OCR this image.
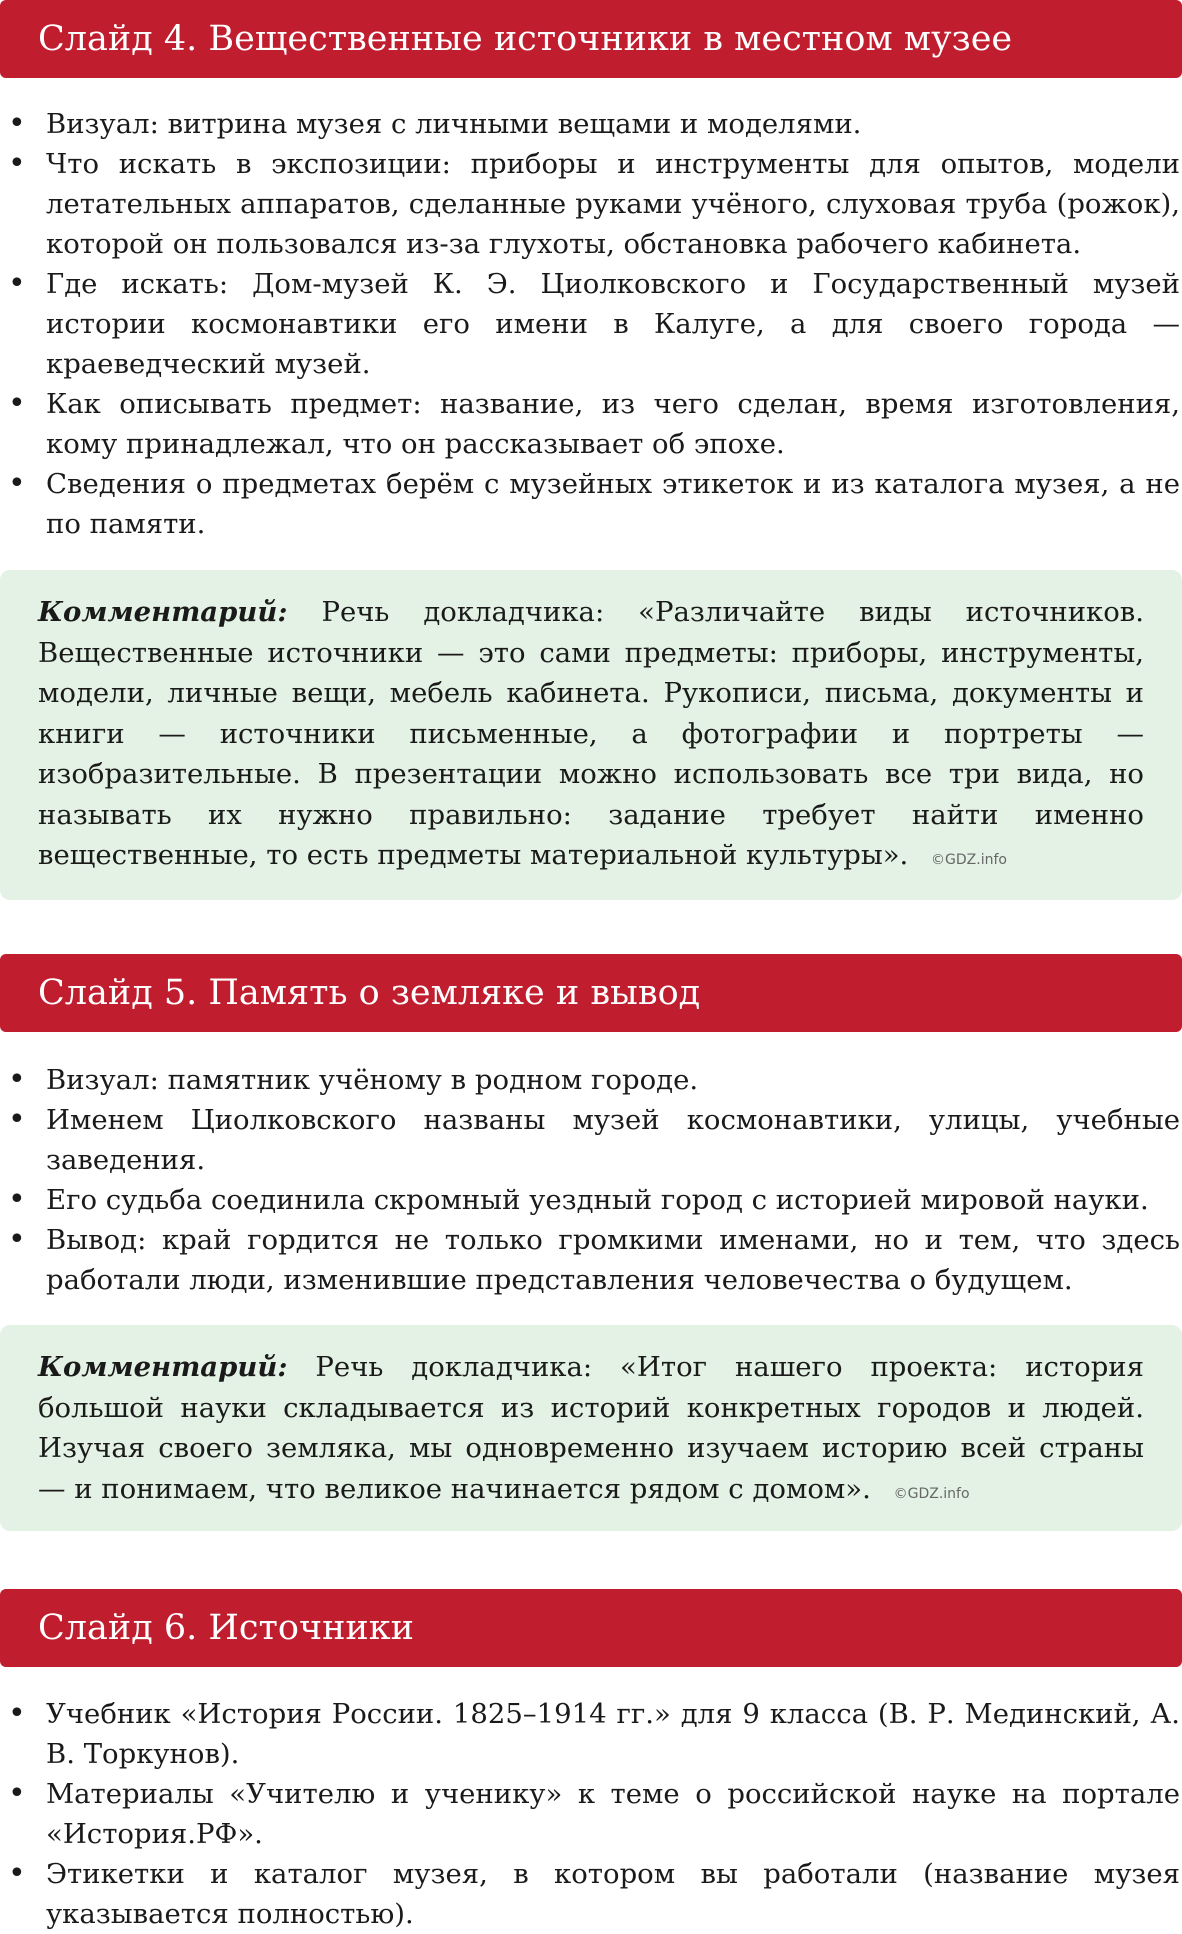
Слайд 4. Вещественные источники в местном музее
• Визуал: витрина музея с личными вещами и моделями.
• Что искать в экспозиции: приборы и инструменты для опытов, модели летательных аппаратов, сделанные руками учёного, слуховая труба (рожок), которой он пользовался из-за глухоты, обстановка рабочего кабинета.
• Где искать: Дом-музей К. Э. Циолковского и Государственный музей истории космонавтики его имени в Калуге, а для своего города — краеведческий музей.
• Как описывать предмет: название, из чего сделан, время изготовления, кому принадлежал, что он рассказывает об эпохе.
• Сведения о предметах берём с музейных этикеток и из каталога музея, а не по памяти.
Комментарий: Речь докладчика: «Различайте виды источников. Вещественные источники — это сами предметы: приборы, инструменты, модели, личные вещи, мебель кабинета. Рукописи, письма, документы и книги — источники письменные, а фотографии и портреты — изобразительные. В презентации можно использовать все три вида, но называть их нужно правильно: задание требует найти именно вещественные, то есть предметы материальной культуры». ©GDZ.info
Слайд 5. Память о земляке и вывод
• Визуал: памятник учёному в родном городе.
• Именем Циолковского названы музей космонавтики, улицы, учебные заведения.
• Его судьба соединила скромный уездный город с историей мировой науки.
• Вывод: край гордится не только громкими именами, но и тем, что здесь работали люди, изменившие представления человечества о будущем.
Комментарий: Речь докладчика: «Итог нашего проекта: история большой науки складывается из историй конкретных городов и людей. Изучая своего земляка, мы одновременно изучаем историю всей страны — и понимаем, что великое начинается рядом с домом». ©GDZ.info
Слайд 6. Источники
• Учебник «История России. 1825–1914 гг.» для 9 класса (В. Р. Мединский, А. В. Торкунов).
• Материалы «Учителю и ученику» к теме о российской науке на портале «История.РФ».
• Этикетки и каталог музея, в котором вы работали (название музея указывается полностью).
